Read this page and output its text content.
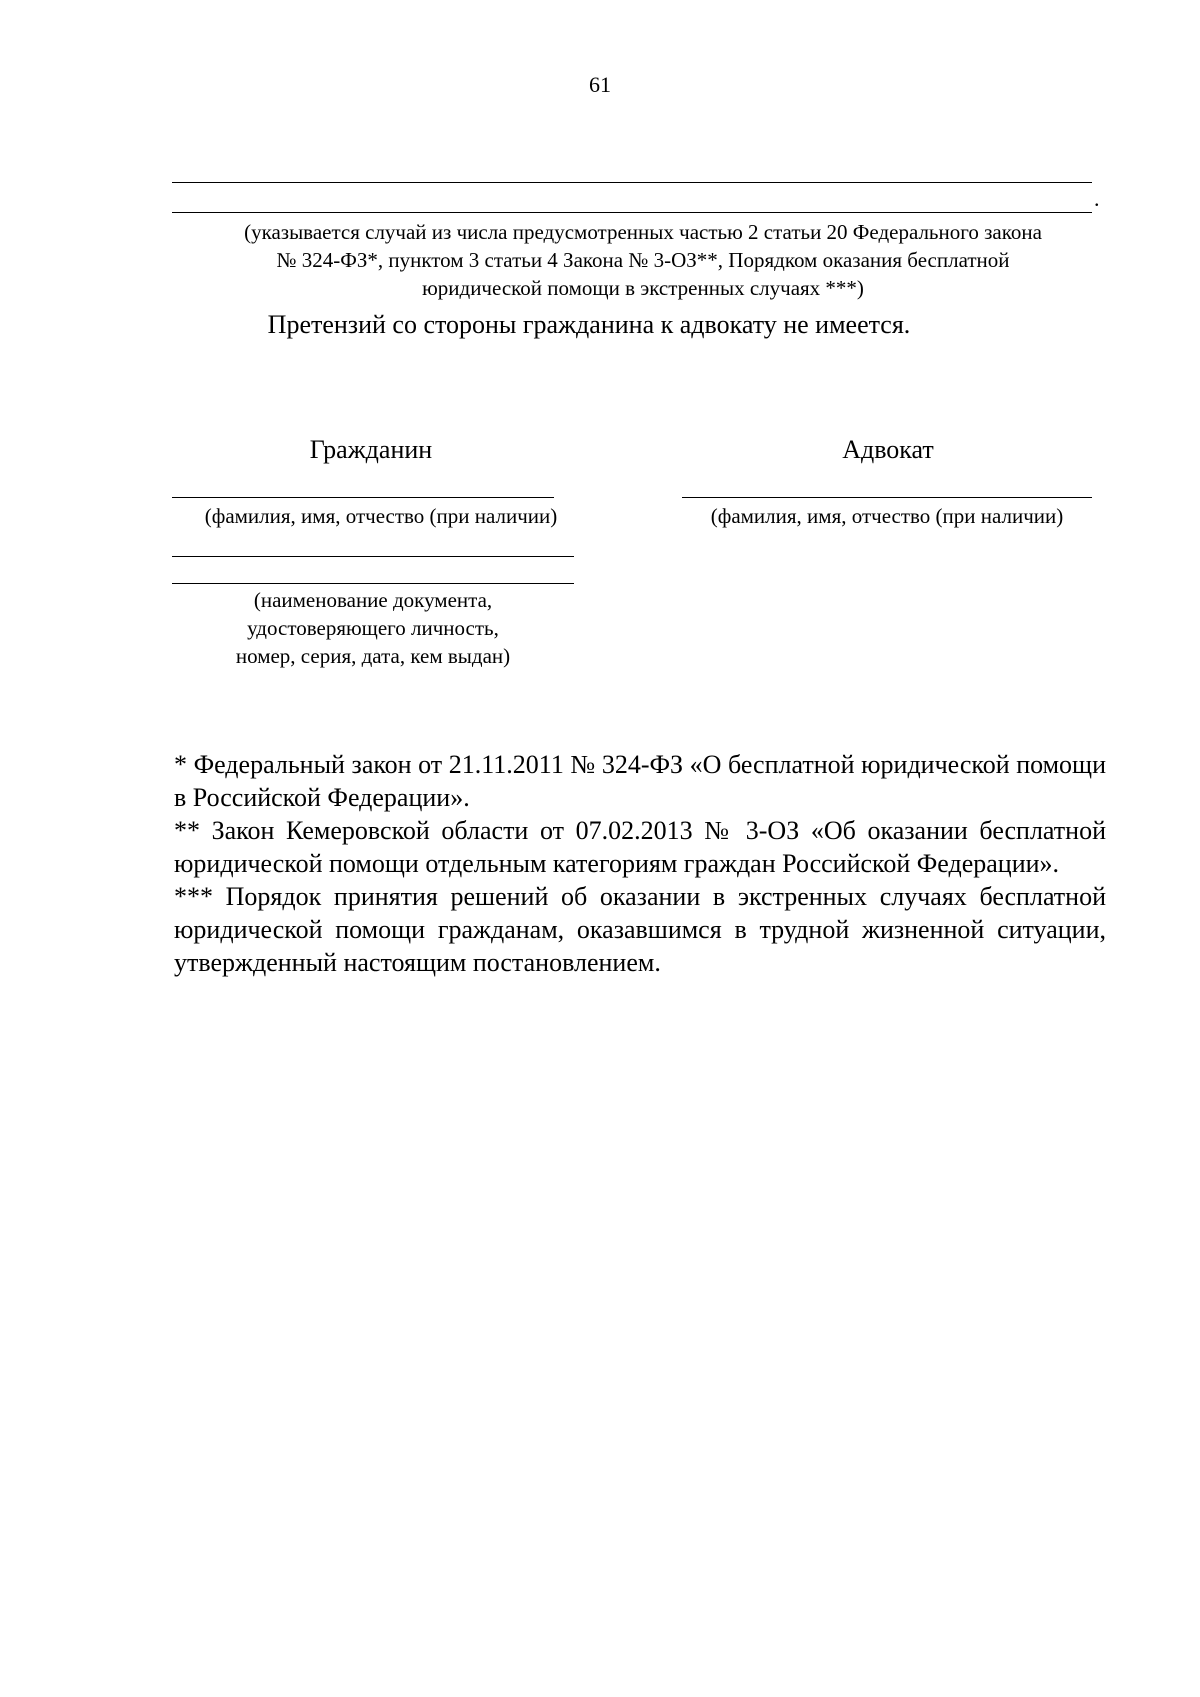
61
.
(указывается случай из числа предусмотренных частью 2 статьи 20 Федерального закона
№ 324-ФЗ*, пунктом 3 статьи 4 Закона № 3-ОЗ**, Порядком оказания бесплатной
юридической помощи в экстренных случаях ***)
Претензий со стороны гражданина к адвокату не имеется.
Гражданин
(фамилия, имя, отчество (при наличии)
(наименование документа,
удостоверяющего личность,
номер, серия, дата, кем выдан)
Адвокат
(фамилия, имя, отчество (при наличии)

* Федеральный закон от 21.11.2011 № 324-ФЗ «О бесплатной юридической помощи в Российской Федерации».

** Закон Кемеровской области от 07.02.2013 № 3-ОЗ «Об оказании бесплатной юридической помощи отдельным категориям граждан Российской Федерации».

*** Порядок принятия решений об оказании в экстренных случаях бесплатной юридической помощи гражданам, оказавшимся в трудной жизненной ситуации, утвержденный настоящим постановлением.
